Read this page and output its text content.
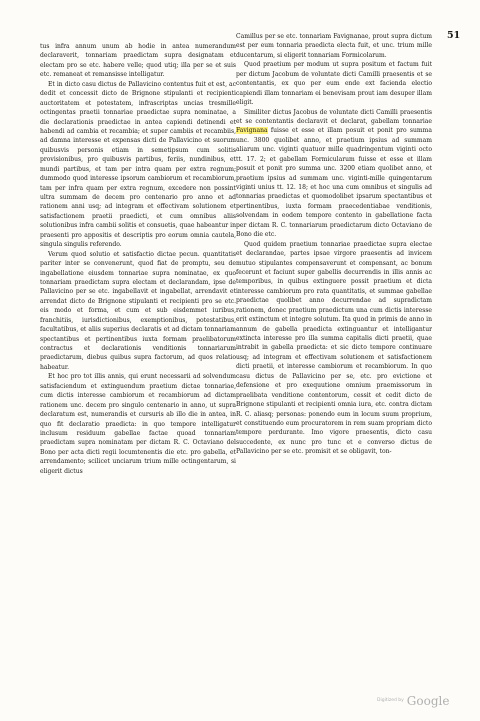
51

tus infra annum unum ab hodie in antea numerandum declaraverit, tonnariam praedictam supra designatam et electam pro se etc. habere velle; quod utiq; illa per se et suis etc. remaneat et remansisse intelligatur.

Et in dicto casu dictus de Pallavicino contentus fuit et est, ac dedit et concessit dicto de Brignone stipulanti et recipienti auctoritatem et potestatem, infrascriptas uncias tresmille octingentas praetii tonnariae praedictae supra nominatae, a die declarationis praedictae in antea capiendi detinendi et habendi ad cambia et recambia; et super cambiis et recambiis, ad damna interesse et expensas dicti de Pallavicino et suorum quibusvis personis etiam in semetipsum cum solitis provisionibus, pro quibusvis partibus, feriis, nundinibus, et mundi partibus, et tam per intra quam per extra regnum; dummodo quod interesse ipsorum cambiorum et recambiorum, tam per infra quam per extra regnum, excedere non possint ultra summam de decem pro centenario pro anno et ad rationem anni usq; ad integram et effectivam solutionem et satisfactionem praetii praedicti, et cum omnibus aliis solutionibus infra cambii solitis et consuetis, quae habeantur in praesenti pro appositis et descriptis pro eorum omnia cautela, singula singulis referendo.

Verum quod solutio et satisfactio dictae pecun. quantitatis pariter inter se convenerunt, quod fiat de promptu, seu de ingabellatione eiusdem tonnariae supra nominatae, ex quo tonnariam praedictam supra electam et declarandam, ipse de Pallavicino per se etc. ingabellavit et ingabellat, arrendavit et arrendat dicto de Brignone stipulanti et recipienti pro se etc. eis modo et forma, et cum et sub eisdemmet iuribus, franchitiis, iurisdictionibus, exemptionibus, potestatibus, facultatibus, et aliis superius declaratis et ad dictam tonnariam spectantibus et pertinentibus iuxta formam praelibatorum contractus et declarationis venditionis tonnariarum praedictarum, diebus quibus supra factorum, ad quos relatio habeatur.

Et hoc pro tot illis annis, qui erunt necessarii ad solvendum satisfaciendum et extinguendum praetium dictae tonnariae, cum dictis interesse cambiorum et recambiorum ad dictam rationem unc. decem pro singulo centenario in anno, ut supra declaratum est, numerandis et cursuris ab illo die in antea, in quo fit declaratio praedicta: in quo tempore intelligatur inclusum residuum gabellae factae quoad tonnariam praedictam supra nominatam per dictam R. C. Octaviano del Bono per acta dicti regii locumtenentis die etc. pro gabella, et arrendamento; scilicet unciarum trium mille octingentarum, si eligerit dictus

Camillus per se etc. tonnariam Favignanae, prout supra dictum est per eum tonnaria praedicta electa fuit, et unc. trium mille ducentarum, si eligerit tonnariam Formicolarum.

Quod praetium per modum ut supra positum et factum fuit per dictum Jacobum de voluntate dicti Camilli praesentis et se contentantis, ex quo per eum ende ext facienda electio capiendi illam tonnariam ei benevisam prout iam desuper illam eligit.

Similiter dictus Jacobus de voluntate dicti Camilli praesentis et se contentantis declaravit et declarat, gabellam tonnariae Favignana fuisse et esse et illam posuit et ponit pro summa unc. 3800 quolibet anno, et praetium ipsius ad summam aliarum unc. viginti quatuor mille quadringentum viginti octo tt. 17. 2; et gabellam Formicularum fuisse et esse et illam posuit et ponit pro summa unc. 3200 etiam quolibet anno, et praetium ipsius ad summam unc. viginti-mille quingentarum viginti unius tt. 12. 18; et hoc una cum omnibus et singulis ad tonnarias praedictas et quomodolibet ipsarum spectantibus et pertinentibus, iuxta formam praecedentiabae venditionis, solvendam in eodem tempore contento in gabellatione facta per dictam R. C. tonnariarum praedictarum dicto Octaviano de Bono die etc.

Quod quidem praetium tonnariae praedictae supra electae et declarandae, partes ipsae virgore praesentis ad invicem mutuo stipulantes compensaverunt et compensant, ac bonum fecerunt et faciunt super gabellis decurrendis in illis annis ac temporibus, in quibus extinguere possit praetium et dicta interesse cambiorum pro rata quantitatis, et summae gabellae praedictae quolibet anno decurrendae ad supradictam rationem, donec praetium praedictum una cum dictis interesse erit extinctum et integre solutum. Ita quod in primis de anno in annum de gabella praedicta extinguantur et intelligantur extincta interesse pro illa summa capitalis dicti praetii, quae intrabit in gabella praedicta: et sic dicto tempore continuare usq; ad integram et effectivam solutionem et satisfactionem dicti praetii, et interesse cambiorum et recambiorum. In quo casu dictus de Pallavicino per se, etc. pro evictione et defensione et pro exequutione omnium praemissorum in praelibata venditione contentorum, cessit et cedit dicto de Brignone stipulanti et recipienti omnia iura, etc. contra dictam R. C. aliasq; personas: ponendo eum in locum suum proprium, et constituendo eum procuratorem in rem suam propriam dicto tempore perdurante. Imo vigore praesentis, dicto casu succedente, ex nunc pro tunc et e converso dictus de Pallavicino per se etc. promisit et se obligavit, ton-

Digitized by Google
